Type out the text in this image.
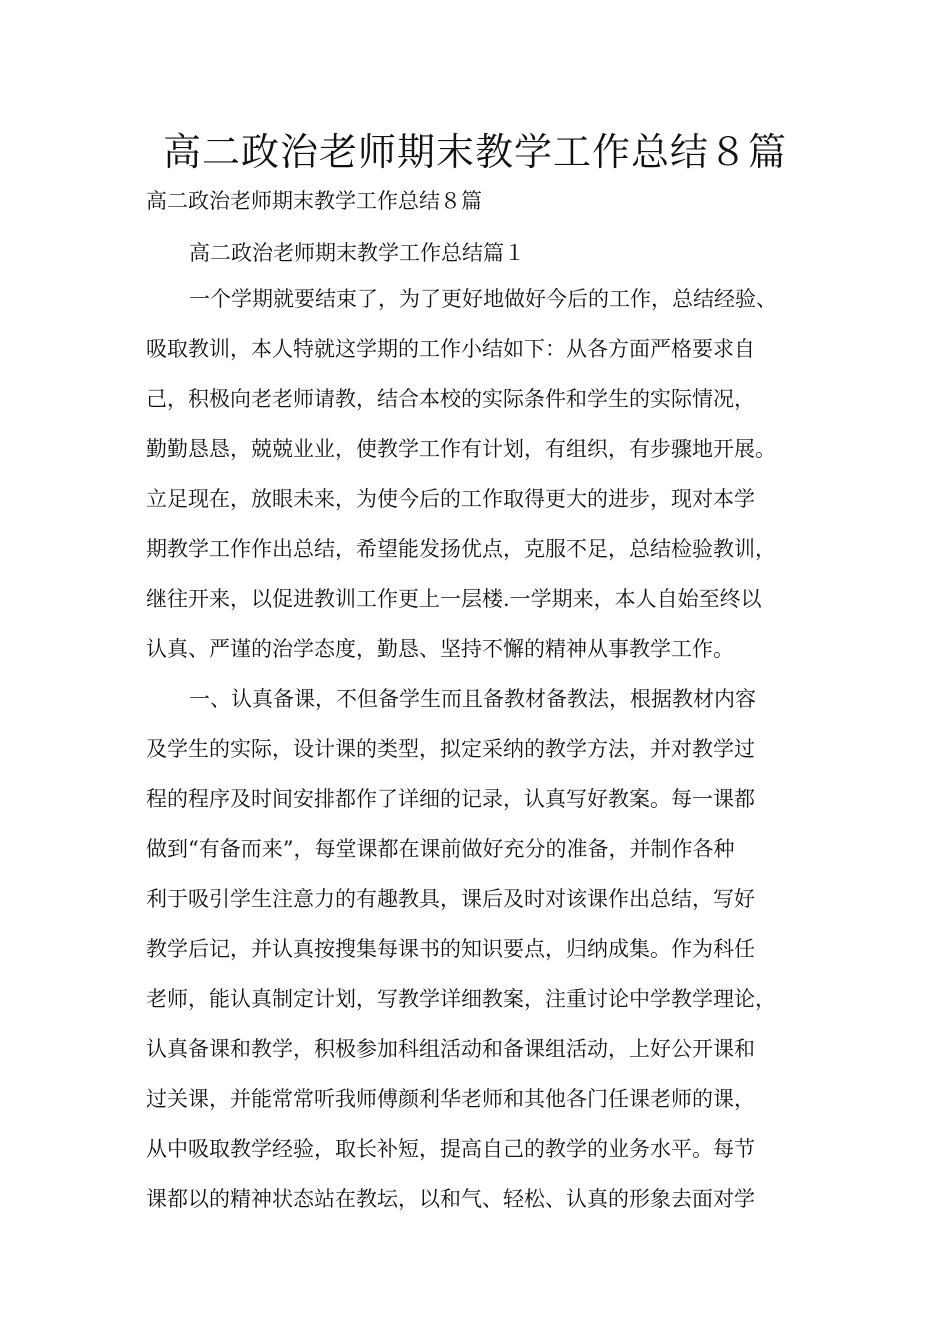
高二政治老师期末教学工作总结８篇
高二政治老师期末教学工作总结８篇
高二政治老师期末教学工作总结篇１
一个学期就要结束了，为了更好地做好今后的工作，总结经验、
吸取教训，本人特就这学期的工作小结如下：从各方面严格要求自
己，积极向老老师请教，结合本校的实际条件和学生的实际情况，
勤勤恳恳，兢兢业业，使教学工作有计划，有组织，有步骤地开展。
立足现在，放眼未来，为使今后的工作取得更大的进步，现对本学
期教学工作作出总结，希望能发扬优点，克服不足，总结检验教训，
继往开来，以促进教训工作更上一层楼.一学期来，本人自始至终以
认真、严谨的治学态度，勤恳、坚持不懈的精神从事教学工作。
一、认真备课，不但备学生而且备教材备教法，根据教材内容
及学生的实际，设计课的类型，拟定采纳的教学方法，并对教学过
程的程序及时间安排都作了详细的记录，认真写好教案。每一课都
做到“有备而来”，每堂课都在课前做好充分的准备，并制作各种
利于吸引学生注意力的有趣教具，课后及时对该课作出总结，写好
教学后记，并认真按搜集每课书的知识要点，归纳成集。作为科任
老师，能认真制定计划，写教学详细教案，注重讨论中学教学理论，
认真备课和教学，积极参加科组活动和备课组活动，上好公开课和
过关课，并能常常听我师傅颜利华老师和其他各门任课老师的课，
从中吸取教学经验，取长补短，提高自己的教学的业务水平。每节
课都以的精神状态站在教坛，以和气、轻松、认真的形象去面对学
